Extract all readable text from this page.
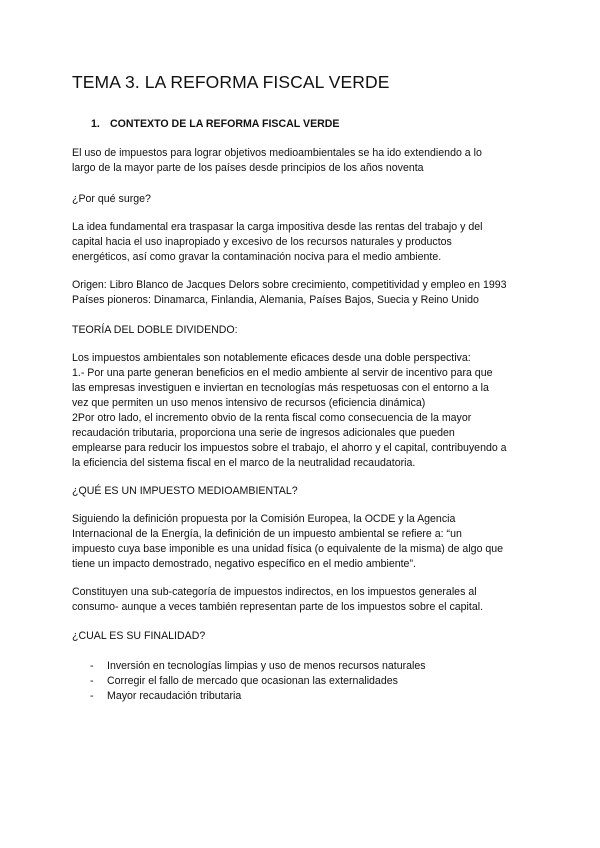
TEMA 3. LA REFORMA FISCAL VERDE
1. CONTEXTO DE LA REFORMA FISCAL VERDE
El uso de impuestos para lograr objetivos medioambientales se ha ido extendiendo a lo
largo de la mayor parte de los países desde principios de los años noventa
¿Por qué surge?
La idea fundamental era traspasar la carga impositiva desde las rentas del trabajo y del
capital hacia el uso inapropiado y excesivo de los recursos naturales y productos
energéticos, así como gravar la contaminación nociva para el medio ambiente.
Origen: Libro Blanco de Jacques Delors sobre crecimiento, competitividad y empleo en 1993
Países pioneros: Dinamarca, Finlandia, Alemania, Países Bajos, Suecia y Reino Unido
TEORÍA DEL DOBLE DIVIDENDO:
Los impuestos ambientales son notablemente eficaces desde una doble perspectiva:
1.- Por una parte generan beneficios en el medio ambiente al servir de incentivo para que
las empresas investiguen e inviertan en tecnologías más respetuosas con el entorno a la
vez que permiten un uso menos intensivo de recursos (eficiencia dinámica)
2Por otro lado, el incremento obvio de la renta fiscal como consecuencia de la mayor
recaudación tributaria, proporciona una serie de ingresos adicionales que pueden
emplearse para reducir los impuestos sobre el trabajo, el ahorro y el capital, contribuyendo a
la eficiencia del sistema fiscal en el marco de la neutralidad recaudatoria.
¿QUÉ ES UN IMPUESTO MEDIOAMBIENTAL?
Siguiendo la definición propuesta por la Comisión Europea, la OCDE y la Agencia
Internacional de la Energía, la definición de un impuesto ambiental se refiere a: “un
impuesto cuya base imponible es una unidad física (o equivalente de la misma) de algo que
tiene un impacto demostrado, negativo específico en el medio ambiente”.
Constituyen una sub-categoría de impuestos indirectos, en los impuestos generales al
consumo- aunque a veces también representan parte de los impuestos sobre el capital.
¿CUAL ES SU FINALIDAD?
- Inversión en tecnologías limpias y uso de menos recursos naturales
- Corregir el fallo de mercado que ocasionan las externalidades
- Mayor recaudación tributaria
